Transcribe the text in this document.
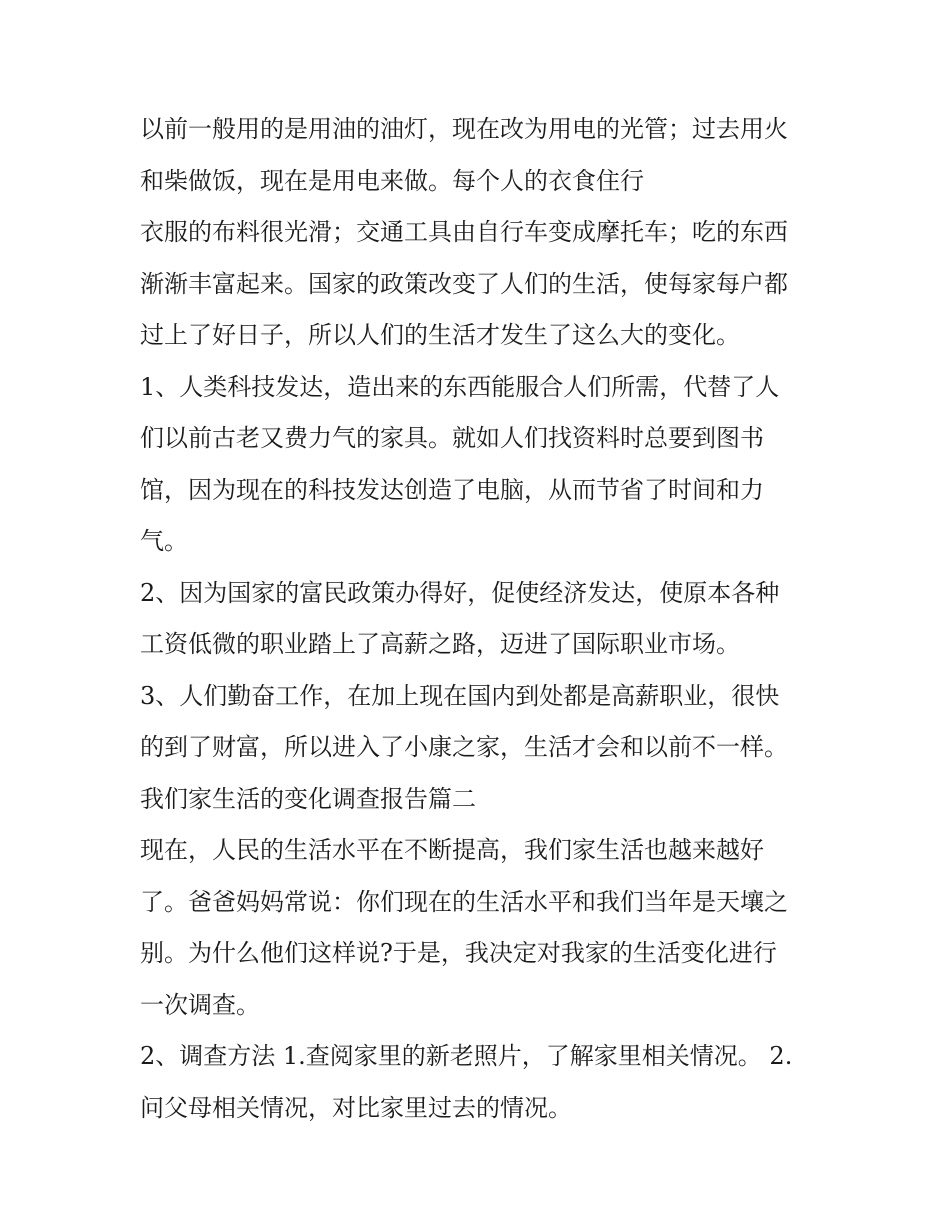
以前一般用的是用油的油灯，现在改为用电的光管；过去用火
和柴做饭，现在是用电来做。每个人的衣食住行
衣服的布料很光滑；交通工具由自行车变成摩托车；吃的东西
渐渐丰富起来。国家的政策改变了人们的生活，使每家每户都
过上了好日子，所以人们的生活才发生了这么大的变化。
1、人类科技发达，造出来的东西能服合人们所需，代替了人
们以前古老又费力气的家具。就如人们找资料时总要到图书
馆，因为现在的科技发达创造了电脑，从而节省了时间和力
气。
2、因为国家的富民政策办得好，促使经济发达，使原本各种
工资低微的职业踏上了高薪之路，迈进了国际职业市场。
3、人们勤奋工作，在加上现在国内到处都是高薪职业，很快
的到了财富，所以进入了小康之家，生活才会和以前不一样。
我们家生活的变化调查报告篇二
现在，人民的生活水平在不断提高，我们家生活也越来越好
了。爸爸妈妈常说：你们现在的生活水平和我们当年是天壤之
别。为什么他们这样说?于是，我决定对我家的生活变化进行
一次调查。
2、调查方法 1.查阅家里的新老照片，了解家里相关情况。 2.
问父母相关情况，对比家里过去的情况。
